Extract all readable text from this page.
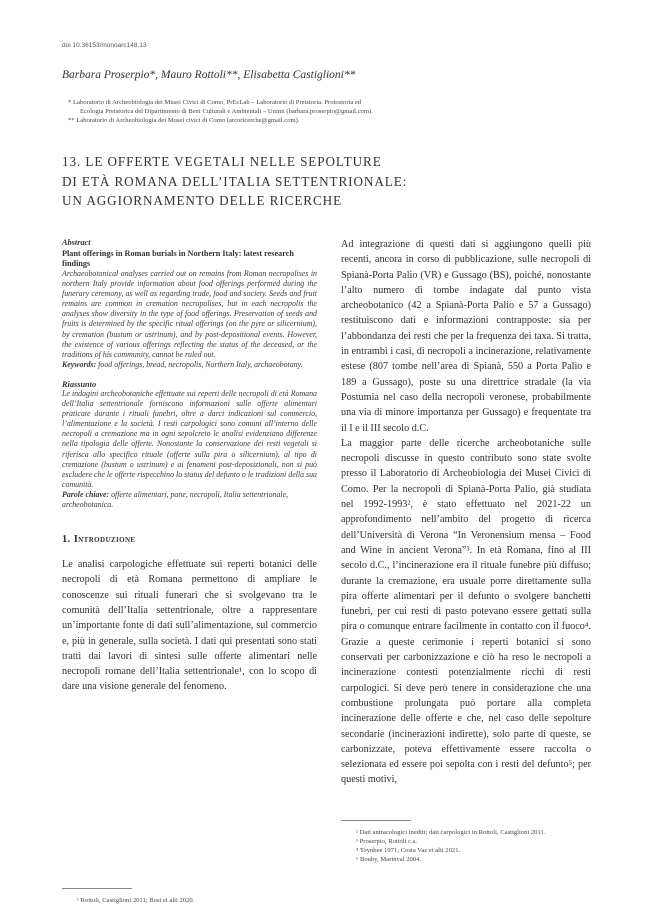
doi 10.36153/monoarc148.13
Barbara Proserpio*, Mauro Rottoli**, Elisabetta Castiglioni**

* Laboratorio di Archeobiologia dei Musei Civici di Como, PrEcLab – Laboratorio di Preistoria. Protostoria ed

Ecologia Preistorica del Dipartimento di Beni Culturali e Ambientali – Unimi (barbara.proserpio@gmail.com).

** Laboratorio di Archeobiologia dei Musei civici di Como (arcoricerche@gmail.com).

13. LE OFFERTE VEGETALI NELLE SEPOLTURE

DI ETÀ ROMANA DELL’ITALIA SETTENTRIONALE:

UN AGGIORNAMENTO DELLE RICERCHE

Abstract

Plant offerings in Roman burials in Northern Italy: latest research findings

Archaeobotanical analyses carried out on remains from Roman necropolises in northern Italy provide information about food offerings performed during the funerary ceremony, as well as regarding trade, food and society. Seeds and fruit remains are common in cremation necropolises, but in each necropolis the analyses show diversity in the type of food offerings. Preservation of seeds and fruits is determined by the specific ritual offerings (on the pyre or silicernium), by cremation (bustum or ustrinum), and by post-depositional events. However, the existence of various offerings reflecting the status of the deceased, or the traditions of his community, cannot be ruled out.

Keywords: food offerings, bread, necropolis, Northern Italy, archaeobotany.

Riassunto

Le indagini archeobotaniche effettuate sui reperti delle necropoli di età Romana dell’Italia settentrionale forniscono informazioni sulle offerte alimentari praticate durante i rituali funebri, oltre a darci indicazioni sul commercio, l’alimentazione e la società. I resti carpologici sono comuni all’interno delle necropoli a cremazione ma in ogni sepolcreto le analisi evidenziano differenze nella tipologia delle offerte. Nonostante la conservazione dei resti vegetali si riferisca allo specifico rituale (offerte sulla pira o silicernium), al tipo di cremazione (bustum o ustrinum) e ai fenomeni post-deposizionali, non si può escludere che le offerte rispecchino lo status del defunto o le tradizioni della sua comunità.

Parole chiave: offerte alimentari, pane, necropoli, Italia settentrionale, archeobotanica.

1. Introduzione

Le analisi carpologiche effettuate sui reperti botanici delle necropoli di età Romana permettono di ampliare le conoscenze sui rituali funerari che si svolgevano tra le comunità dell’Italia settentrionale, oltre a rappresentare un’importante fonte di dati sull’alimentazione, sul commercio e, più in generale, sulla società. I dati qui presentati sono stati tratti dai lavori di sintesi sulle offerte alimentari nelle necropoli romane dell’Italia settentrionale¹, con lo scopo di dare una visione generale del fenomeno.

Ad integrazione di questi dati si aggiungono quelli più recenti, ancora in corso di pubblicazione, sulle necropoli di Spianà-Porta Palio (VR) e Gussago (BS), poiché, nonostante l’alto numero di tombe indagate dal punto vista archeobotanico (42 a Spianà-Porta Palio e 57 a Gussago) restituiscono dati e informazioni contrapposte: sia per l’abbondanza dei resti che per la frequenza dei taxa. Si tratta, in entrambi i casi, di necropoli a incinerazione, relativamente estese (807 tombe nell’area di Spianà, 550 a Porta Palio e 189 a Gussago), poste su una direttrice stradale (la via Postumia nel caso della necropoli veronese, probabilmente una via di minore importanza per Gussago) e frequentate tra il I e il III secolo d.C.

La maggior parte delle ricerche archeobotaniche sulle necropoli discusse in questo contributo sono state svolte presso il Laboratorio di Archeobiologia dei Musei Civici di Como. Per la necropoli di Spianà-Porta Palio, già studiata nel 1992-1993², è stato effettuato nel 2021-22 un approfondimento nell’ambito del progetto di ricerca dell’Università di Verona “In Veronensium mensa – Food and Wine in ancient Verona”³. In età Romana, fino al III secolo d.C., l’incinerazione era il rituale funebre più diffuso; durante la cremazione, era usuale porre direttamente sulla pira offerte alimentari per il defunto o svolgere banchetti funebri, per cui resti di pasto potevano essere gettati sulla pira o comunque entrare facilmente in contatto con il fuoco⁴. Grazie a queste cerimonie i reperti botanici si sono conservati per carbonizzazione e ciò ha reso le necropoli a incinerazione contesti potenzialmente ricchi di resti carpologici. Si deve però tenere in considerazione che una combustione prolungata può portare alla completa incinerazione delle offerte e che, nel caso delle sepolture secondarie (incinerazioni indirette), solo parte di queste, se carbonizzate, poteva effettivamente essere raccolta o selezionata ed essere poi sepolta con i resti del defunto⁵; per questi motivi,

¹ Rottoli, Castiglioni 2011; Bosi et alii 2020.

² Dati antracologici inediti; dati carpologici in Rottoli, Castiglioni 2011.

³ Proserpio, Rottoli c.s.

⁴ Toynbee 1971; Costa Vaz et alii 2021.

⁵ Bouby, Marinval 2004.
